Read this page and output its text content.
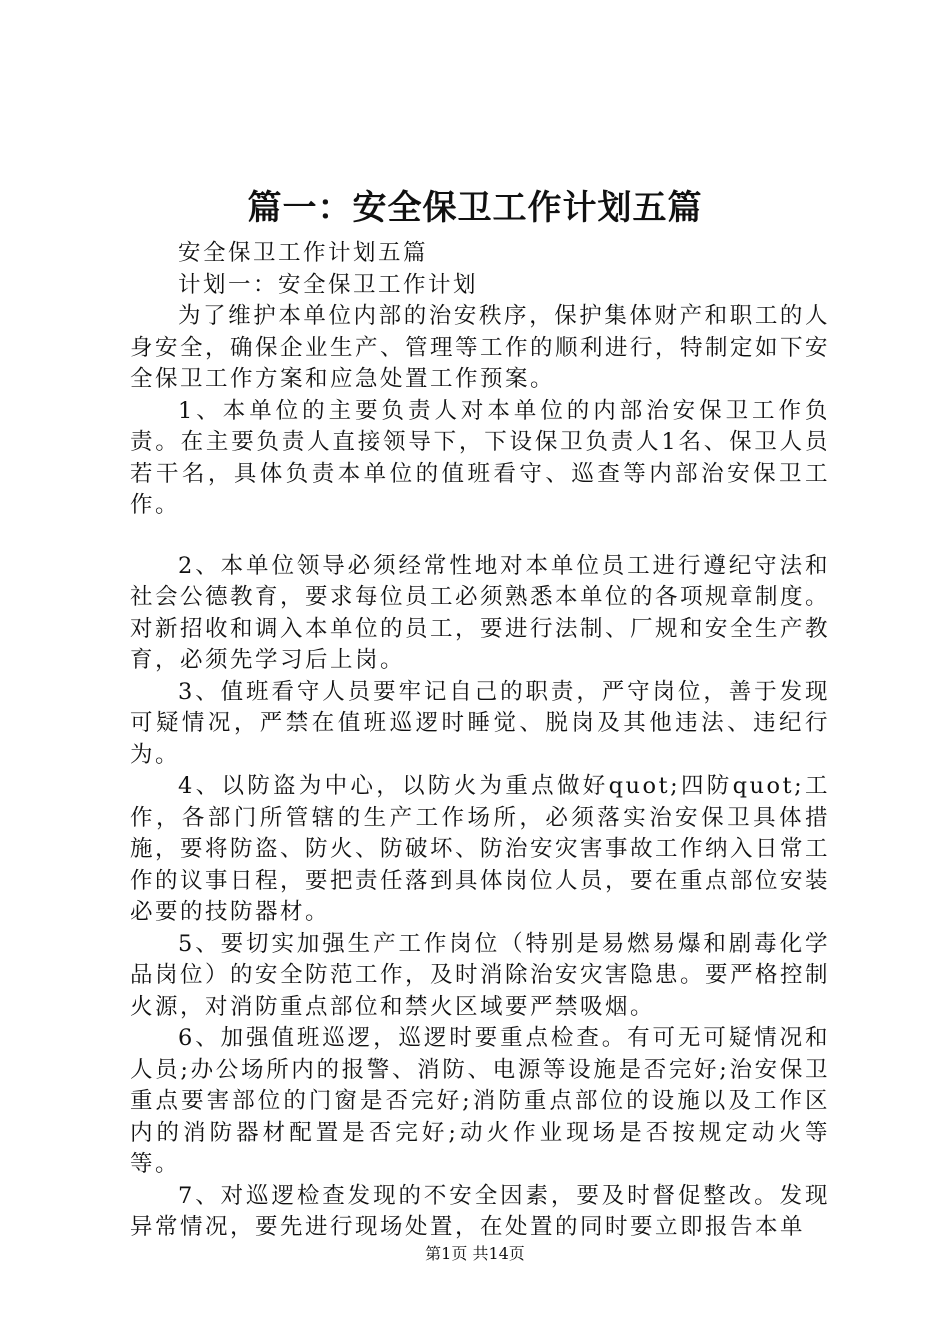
篇一：安全保卫工作计划五篇

安全保卫工作计划五篇

计划一：安全保卫工作计划

为了维护本单位内部的治安秩序，保护集体财产和职工的人身安全，确保企业生产、管理等工作的顺利进行，特制定如下安全保卫工作方案和应急处置工作预案。

1、本单位的主要负责人对本单位的内部治安保卫工作负责。在主要负责人直接领导下，下设保卫负责人1名、保卫人员若干名，具体负责本单位的值班看守、巡查等内部治安保卫工作。

2、本单位领导必须经常性地对本单位员工进行遵纪守法和社会公德教育，要求每位员工必须熟悉本单位的各项规章制度。对新招收和调入本单位的员工，要进行法制、厂规和安全生产教育，必须先学习后上岗。

3、值班看守人员要牢记自己的职责，严守岗位，善于发现可疑情况，严禁在值班巡逻时睡觉、脱岗及其他违法、违纪行为。

4、以防盗为中心，以防火为重点做好quot;四防quot;工作，各部门所管辖的生产工作场所，必须落实治安保卫具体措施，要将防盗、防火、防破坏、防治安灾害事故工作纳入日常工作的议事日程，要把责任落到具体岗位人员，要在重点部位安装必要的技防器材。

5、要切实加强生产工作岗位（特别是易燃易爆和剧毒化学品岗位）的安全防范工作，及时消除治安灾害隐患。要严格控制火源，对消防重点部位和禁火区域要严禁吸烟。

6、加强值班巡逻，巡逻时要重点检查。有可无可疑情况和人员;办公场所内的报警、消防、电源等设施是否完好;治安保卫重点要害部位的门窗是否完好;消防重点部位的设施以及工作区内的消防器材配置是否完好;动火作业现场是否按规定动火等等。

7、对巡逻检查发现的不安全因素，要及时督促整改。发现异常情况，要先进行现场处置，在处置的同时要立即报告本单

第1页 共14页
